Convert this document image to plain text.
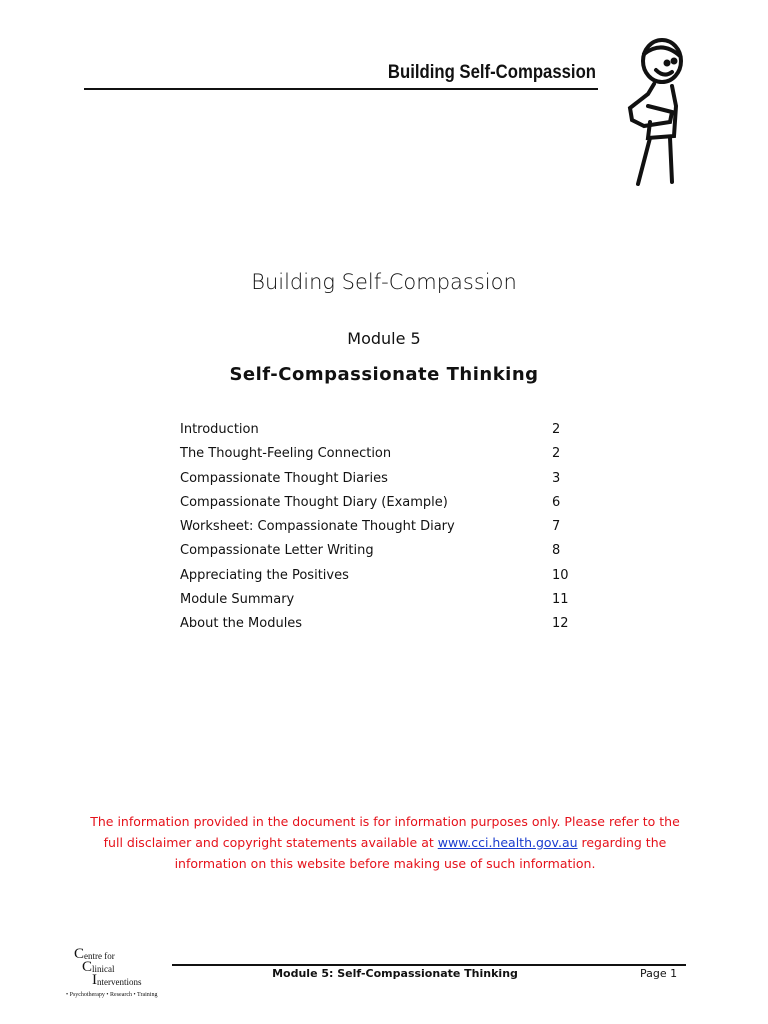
Building Self-Compassion
Building Self-Compassion
Module 5
Self-Compassionate Thinking
Introduction	2
The Thought-Feeling Connection	2
Compassionate Thought Diaries	3
Compassionate Thought Diary (Example)	6
Worksheet: Compassionate Thought Diary	7
Compassionate Letter Writing	8
Appreciating the Positives	10
Module Summary	11
About the Modules	12
The information provided in the document is for information purposes only. Please refer to the full disclaimer and copyright statements available at www.cci.health.gov.au regarding the information on this website before making use of such information.
C entre for
C linical
I nterventions
• Psychotherapy • Research • Training
Module 5: Self-Compassionate Thinking	Page 1
